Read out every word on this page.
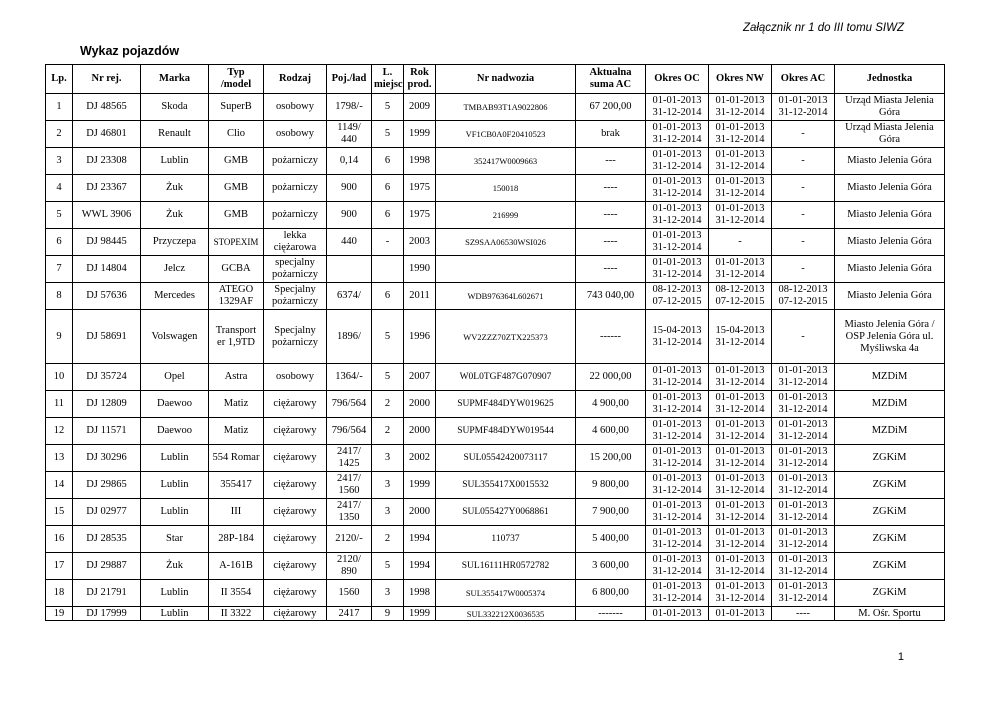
Załącznik nr 1 do III tomu SIWZ
Wykaz pojazdów
Lp.	Nr rej.	Marka	Typ /model	Rodzaj	Poj./ład	L. miejsc	Rok prod.	Nr nadwozia	Aktualna suma AC	Okres OC	Okres NW	Okres AC	Jednostka
1	DJ 48565	Skoda	SuperB	osobowy	1798/-	5	2009	TMBAB93T1A9022806	67 200,00	01-01-2013 31-12-2014	01-01-2013 31-12-2014	01-01-2013 31-12-2014	Urząd Miasta Jelenia Góra
2	DJ 46801	Renault	Clio	osobowy	1149/ 440	5	1999	VF1CB0A0F20410523	brak	01-01-2013 31-12-2014	01-01-2013 31-12-2014	-	Urząd Miasta Jelenia Góra
3	DJ 23308	Lublin	GMB	pożarniczy	0,14	6	1998	352417W0009663	---	01-01-2013 31-12-2014	01-01-2013 31-12-2014	-	Miasto Jelenia Góra
4	DJ 23367	Żuk	GMB	pożarniczy	900	6	1975	150018	----	01-01-2013 31-12-2014	01-01-2013 31-12-2014	-	Miasto Jelenia Góra
5	WWL 3906	Żuk	GMB	pożarniczy	900	6	1975	216999	----	01-01-2013 31-12-2014	01-01-2013 31-12-2014	-	Miasto Jelenia Góra
6	DJ 98445	Przyczepa	STOPEXIM	lekka ciężarowa	440	-	2003	SZ9SAA06530WSI026	----	01-01-2013 31-12-2014	-	-	Miasto Jelenia Góra
7	DJ 14804	Jelcz	GCBA	specjalny pożarniczy			1990		----	01-01-2013 31-12-2014	01-01-2013 31-12-2014	-	Miasto Jelenia Góra
8	DJ 57636	Mercedes	ATEGO 1329AF	Specjalny pożarniczy	6374/	6	2011	WDB976364L602671	743 040,00	08-12-2013 07-12-2015	08-12-2013 07-12-2015	08-12-2013 07-12-2015	Miasto Jelenia Góra
9	DJ 58691	Volswagen	Transport er 1,9TD	Specjalny pożarniczy	1896/	5	1996	WV2ZZZ70ZTX225373	------	15-04-2013 31-12-2014	15-04-2013 31-12-2014	-	Miasto Jelenia Góra / OSP Jelenia Góra ul. Myśliwska 4a
10	DJ 35724	Opel	Astra	osobowy	1364/-	5	2007	W0L0TGF487G070907	22 000,00	01-01-2013 31-12-2014	01-01-2013 31-12-2014	01-01-2013 31-12-2014	MZDiM
11	DJ 12809	Daewoo	Matiz	ciężarowy	796/564	2	2000	SUPMF484DYW019625	4 900,00	01-01-2013 31-12-2014	01-01-2013 31-12-2014	01-01-2013 31-12-2014	MZDiM
12	DJ 11571	Daewoo	Matiz	ciężarowy	796/564	2	2000	SUPMF484DYW019544	4 600,00	01-01-2013 31-12-2014	01-01-2013 31-12-2014	01-01-2013 31-12-2014	MZDiM
13	DJ 30296	Lublin	554 Romar	ciężarowy	2417/ 1425	3	2002	SUL05542420073117	15 200,00	01-01-2013 31-12-2014	01-01-2013 31-12-2014	01-01-2013 31-12-2014	ZGKiM
14	DJ 29865	Lublin	355417	ciężarowy	2417/ 1560	3	1999	SUL355417X0015532	9 800,00	01-01-2013 31-12-2014	01-01-2013 31-12-2014	01-01-2013 31-12-2014	ZGKiM
15	DJ 02977	Lublin	III	ciężarowy	2417/ 1350	3	2000	SUL055427Y0068861	7 900,00	01-01-2013 31-12-2014	01-01-2013 31-12-2014	01-01-2013 31-12-2014	ZGKiM
16	DJ 28535	Star	28P-184	ciężarowy	2120/-	2	1994	110737	5 400,00	01-01-2013 31-12-2014	01-01-2013 31-12-2014	01-01-2013 31-12-2014	ZGKiM
17	DJ 29887	Żuk	A-161B	ciężarowy	2120/ 890	5	1994	SUL16111HR0572782	3 600,00	01-01-2013 31-12-2014	01-01-2013 31-12-2014	01-01-2013 31-12-2014	ZGKiM
18	DJ 21791	Lublin	II 3554	ciężarowy	1560	3	1998	SUL355417W0005374	6 800,00	01-01-2013 31-12-2014	01-01-2013 31-12-2014	01-01-2013 31-12-2014	ZGKiM
19	DJ 17999	Lublin	II 3322	ciężarowy	2417	9	1999	SUL332212X0036535	-------	01-01-2013	01-01-2013	----	M. Ośr. Sportu
1
